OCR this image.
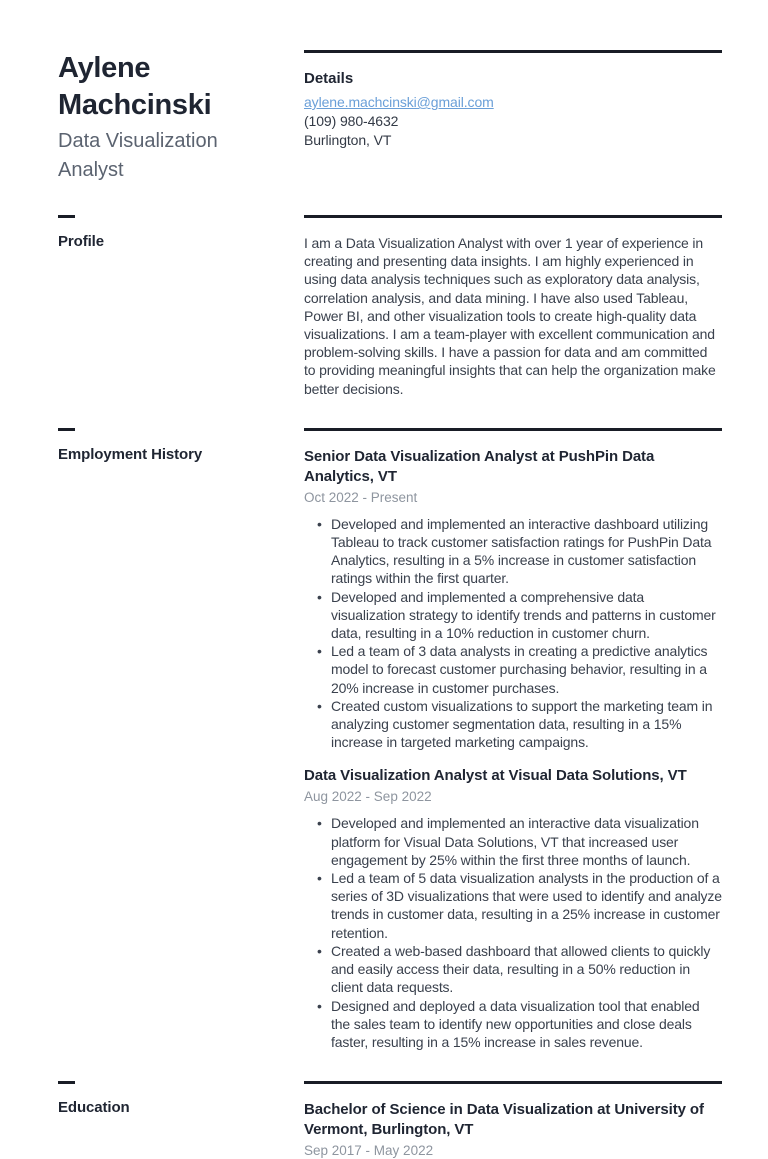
Aylene Machcinski
Data Visualization Analyst
Details
aylene.machcinski@gmail.com
(109) 980-4632
Burlington, VT
Profile	I am a Data Visualization Analyst with over 1 year of experience in creating and presenting data insights. I am highly experienced in using data analysis techniques such as exploratory data analysis, correlation analysis, and data mining. I have also used Tableau, Power BI, and other visualization tools to create high-quality data visualizations. I am a team-player with excellent communication and problem-solving skills. I have a passion for data and am committed to providing meaningful insights that can help the organization make better decisions.

Employment History	Senior Data Visualization Analyst at PushPin Data Analytics, VT
Oct 2022 - Present
• Developed and implemented an interactive dashboard utilizing Tableau to track customer satisfaction ratings for PushPin Data Analytics, resulting in a 5% increase in customer satisfaction ratings within the first quarter.
• Developed and implemented a comprehensive data visualization strategy to identify trends and patterns in customer data, resulting in a 10% reduction in customer churn.
• Led a team of 3 data analysts in creating a predictive analytics model to forecast customer purchasing behavior, resulting in a 20% increase in customer purchases.
• Created custom visualizations to support the marketing team in analyzing customer segmentation data, resulting in a 15% increase in targeted marketing campaigns.
Data Visualization Analyst at Visual Data Solutions, VT
Aug 2022 - Sep 2022
• Developed and implemented an interactive data visualization platform for Visual Data Solutions, VT that increased user engagement by 25% within the first three months of launch.
• Led a team of 5 data visualization analysts in the production of a series of 3D visualizations that were used to identify and analyze trends in customer data, resulting in a 25% increase in customer retention.
• Created a web-based dashboard that allowed clients to quickly and easily access their data, resulting in a 50% reduction in client data requests.
• Designed and deployed a data visualization tool that enabled the sales team to identify new opportunities and close deals faster, resulting in a 15% increase in sales revenue.
Education	Bachelor of Science in Data Visualization at University of Vermont, Burlington, VT
Sep 2017 - May 2022
